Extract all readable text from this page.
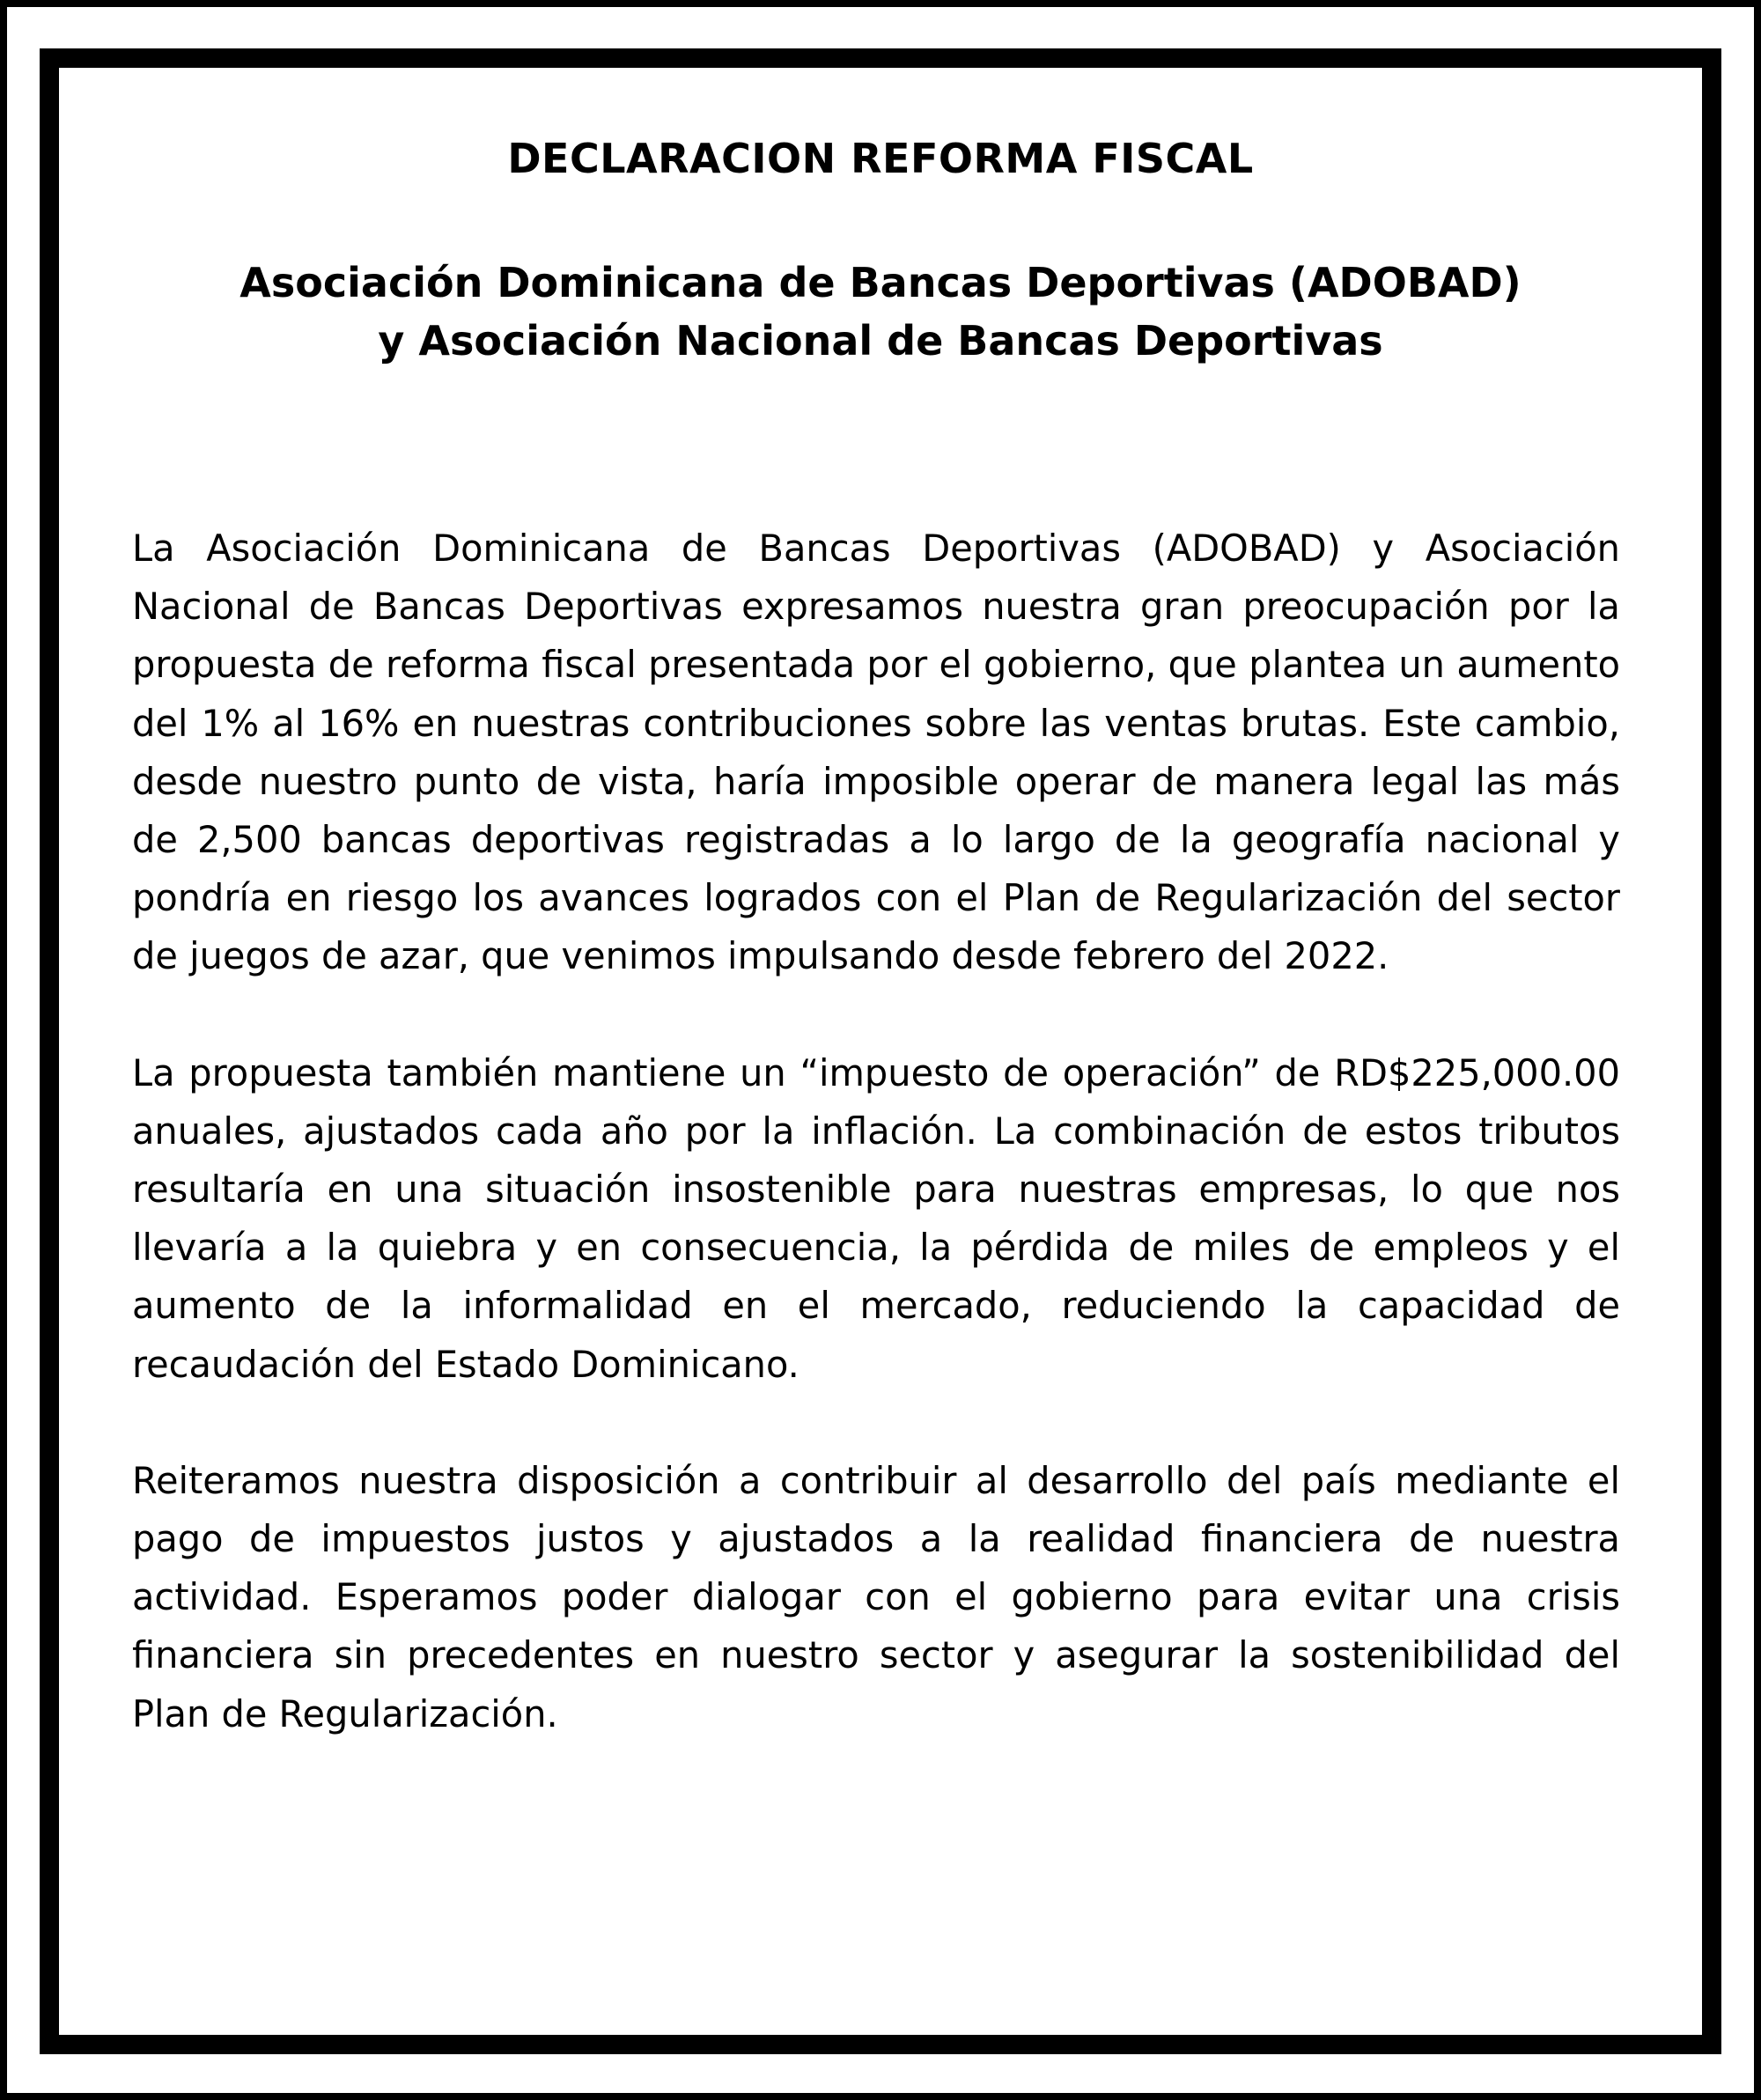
DECLARACION REFORMA FISCAL
Asociación Dominicana de Bancas Deportivas (ADOBAD)
y Asociación Nacional de Bancas Deportivas

La Asociación Dominicana de Bancas Deportivas (ADOBAD) y Asociación Nacional de Bancas Deportivas expresamos nuestra gran preocupación por la propuesta de reforma fiscal presentada por el gobierno, que plantea un aumento del 1% al 16% en nuestras contribuciones sobre las ventas brutas. Este cambio, desde nuestro punto de vista, haría imposible operar de manera legal las más de 2,500 bancas deportivas registradas a lo largo de la geografía nacional y pondría en riesgo los avances logrados con el Plan de Regularización del sector de juegos de azar, que venimos impulsando desde febrero del 2022.

La propuesta también mantiene un “impuesto de operación” de RD$225,000.00 anuales, ajustados cada año por la inflación. La combinación de estos tributos resultaría en una situación insostenible para nuestras empresas, lo que nos llevaría a la quiebra y en consecuencia, la pérdida de miles de empleos y el aumento de la informalidad en el mercado, reduciendo la capacidad de recaudación del Estado Dominicano.

Reiteramos nuestra disposición a contribuir al desarrollo del país mediante el pago de impuestos justos y ajustados a la realidad financiera de nuestra actividad. Esperamos poder dialogar con el gobierno para evitar una crisis financiera sin precedentes en nuestro sector y asegurar la sostenibilidad del Plan de Regularización.
